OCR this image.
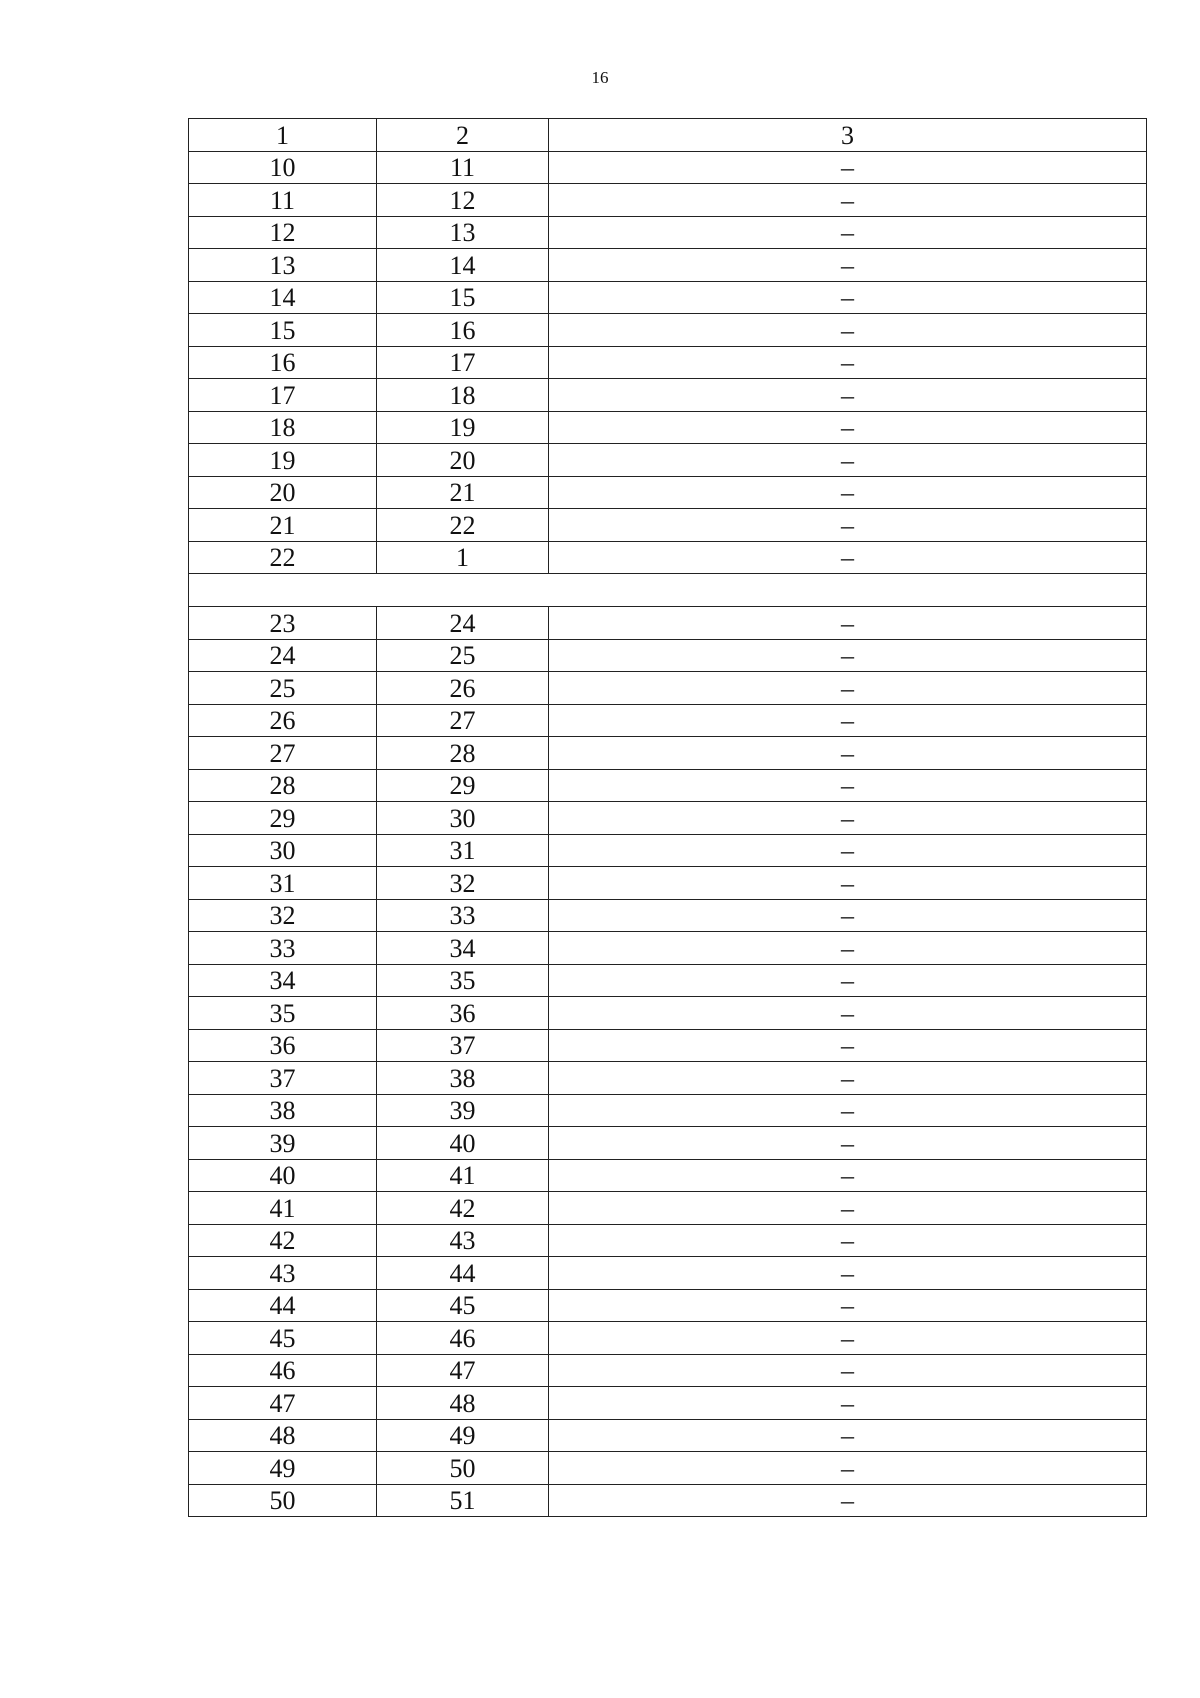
16
1	2	3
10	11	–
11	12	–
12	13	–
13	14	–
14	15	–
15	16	–
16	17	–
17	18	–
18	19	–
19	20	–
20	21	–
21	22	–
22	1	–

23	24	–
24	25	–
25	26	–
26	27	–
27	28	–
28	29	–
29	30	–
30	31	–
31	32	–
32	33	–
33	34	–
34	35	–
35	36	–
36	37	–
37	38	–
38	39	–
39	40	–
40	41	–
41	42	–
42	43	–
43	44	–
44	45	–
45	46	–
46	47	–
47	48	–
48	49	–
49	50	–
50	51	–
